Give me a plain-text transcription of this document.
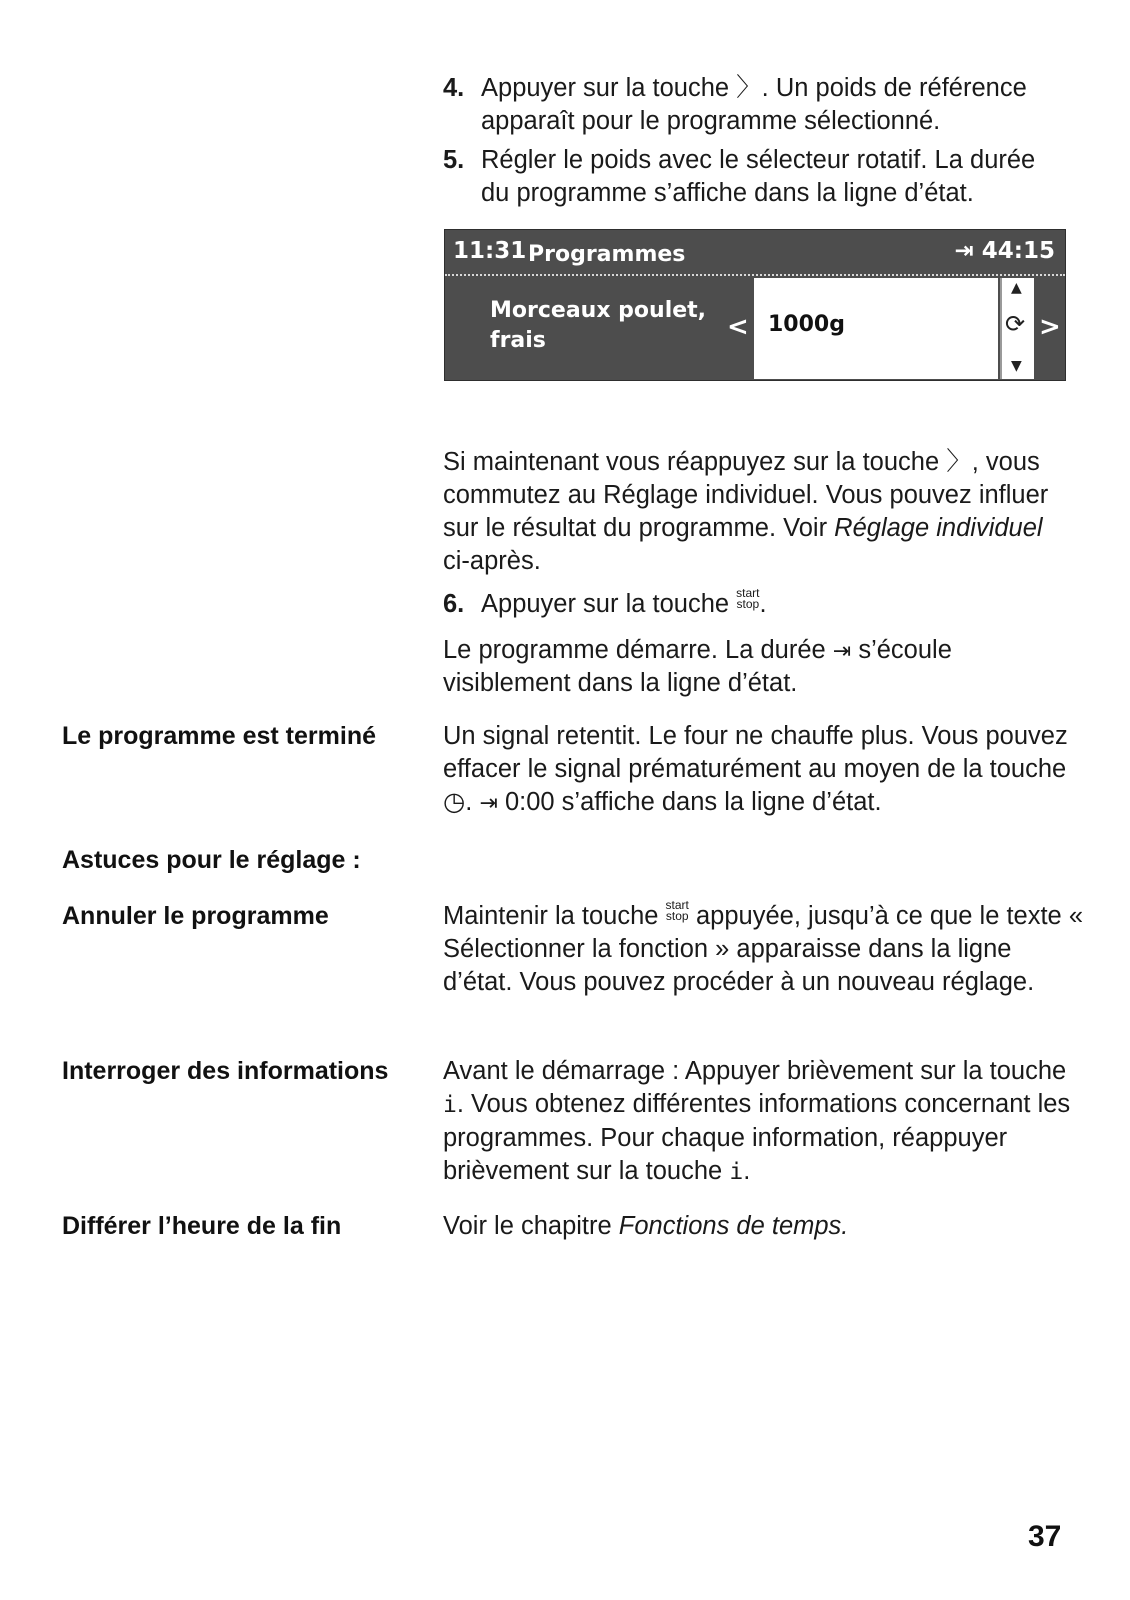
4. Appuyer sur la touche 〉. Un poids de référence
apparaît pour le programme sélectionné.
5. Régler le poids avec le sélecteur rotatif. La durée
du programme s’affiche dans la ligne d’état.
11:31 Programmes	⇥ 44:15
Morceaux poulet,
frais	< 1000g
▲
⟳
▼
>
Si maintenant vous réappuyez sur la touche 〉, vous commutez au Réglage individuel. Vous pouvez influer sur le résultat du programme. Voir Réglage individuel
ci-après.
6. Appuyer sur la touche start
stop.
Le programme démarre. La durée ⇥ s’écoule visiblement dans la ligne d’état.
Le programme est terminé	Un signal retentit. Le four ne chauffe plus. Vous pouvez effacer le signal prématurément au moyen de la touche ◷. ⇥ 0:00 s’affiche dans la ligne d’état.
Astuces pour le réglage :
Annuler le programme	Maintenir la touche start
stop appuyée, jusqu’à ce que le texte « Sélectionner la fonction » apparaisse dans la ligne d’état. Vous pouvez procéder à un nouveau réglage.
Interroger des informations	Avant le démarrage : Appuyer brièvement sur la touche i. Vous obtenez différentes informations concernant les programmes. Pour chaque information, réappuyer brièvement sur la touche i.
Différer l’heure de la fin	Voir le chapitre Fonctions de temps.
37
